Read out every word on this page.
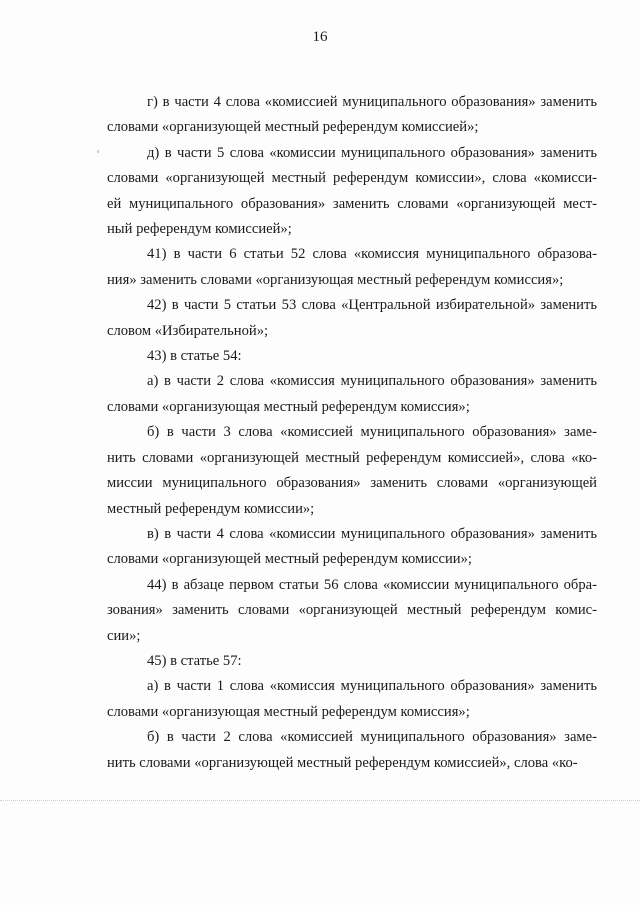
16
г) в части 4 слова «комиссией муниципального образования» заменить
словами «организующей местный референдум комиссией»;
д) в части 5 слова «комиссии муниципального образования» заменить
словами «организующей местный референдум комиссии», слова «комисси-
ей муниципального образования» заменить словами «организующей мест-
ный референдум комиссией»;
41) в части 6 статьи 52 слова «комиссия муниципального образова-
ния» заменить словами «организующая местный референдум комиссия»;
42) в части 5 статьи 53 слова «Центральной избирательной» заменить
словом «Избирательной»;
43) в статье 54:
а) в части 2 слова «комиссия муниципального образования» заменить
словами «организующая местный референдум комиссия»;
б) в части 3 слова «комиссией муниципального образования» заме-
нить словами «организующей местный референдум комиссией», слова «ко-
миссии муниципального образования» заменить словами «организующей
местный референдум комиссии»;
в) в части 4 слова «комиссии муниципального образования» заменить
словами «организующей местный референдум комиссии»;
44) в абзаце первом статьи 56 слова «комиссии муниципального обра-
зования» заменить словами «организующей местный референдум комис-
сии»;
45) в статье 57:
а) в части 1 слова «комиссия муниципального образования» заменить
словами «организующая местный референдум комиссия»;
б) в части 2 слова «комиссией муниципального образования» заме-
нить словами «организующей местный референдум комиссией», слова «ко-
